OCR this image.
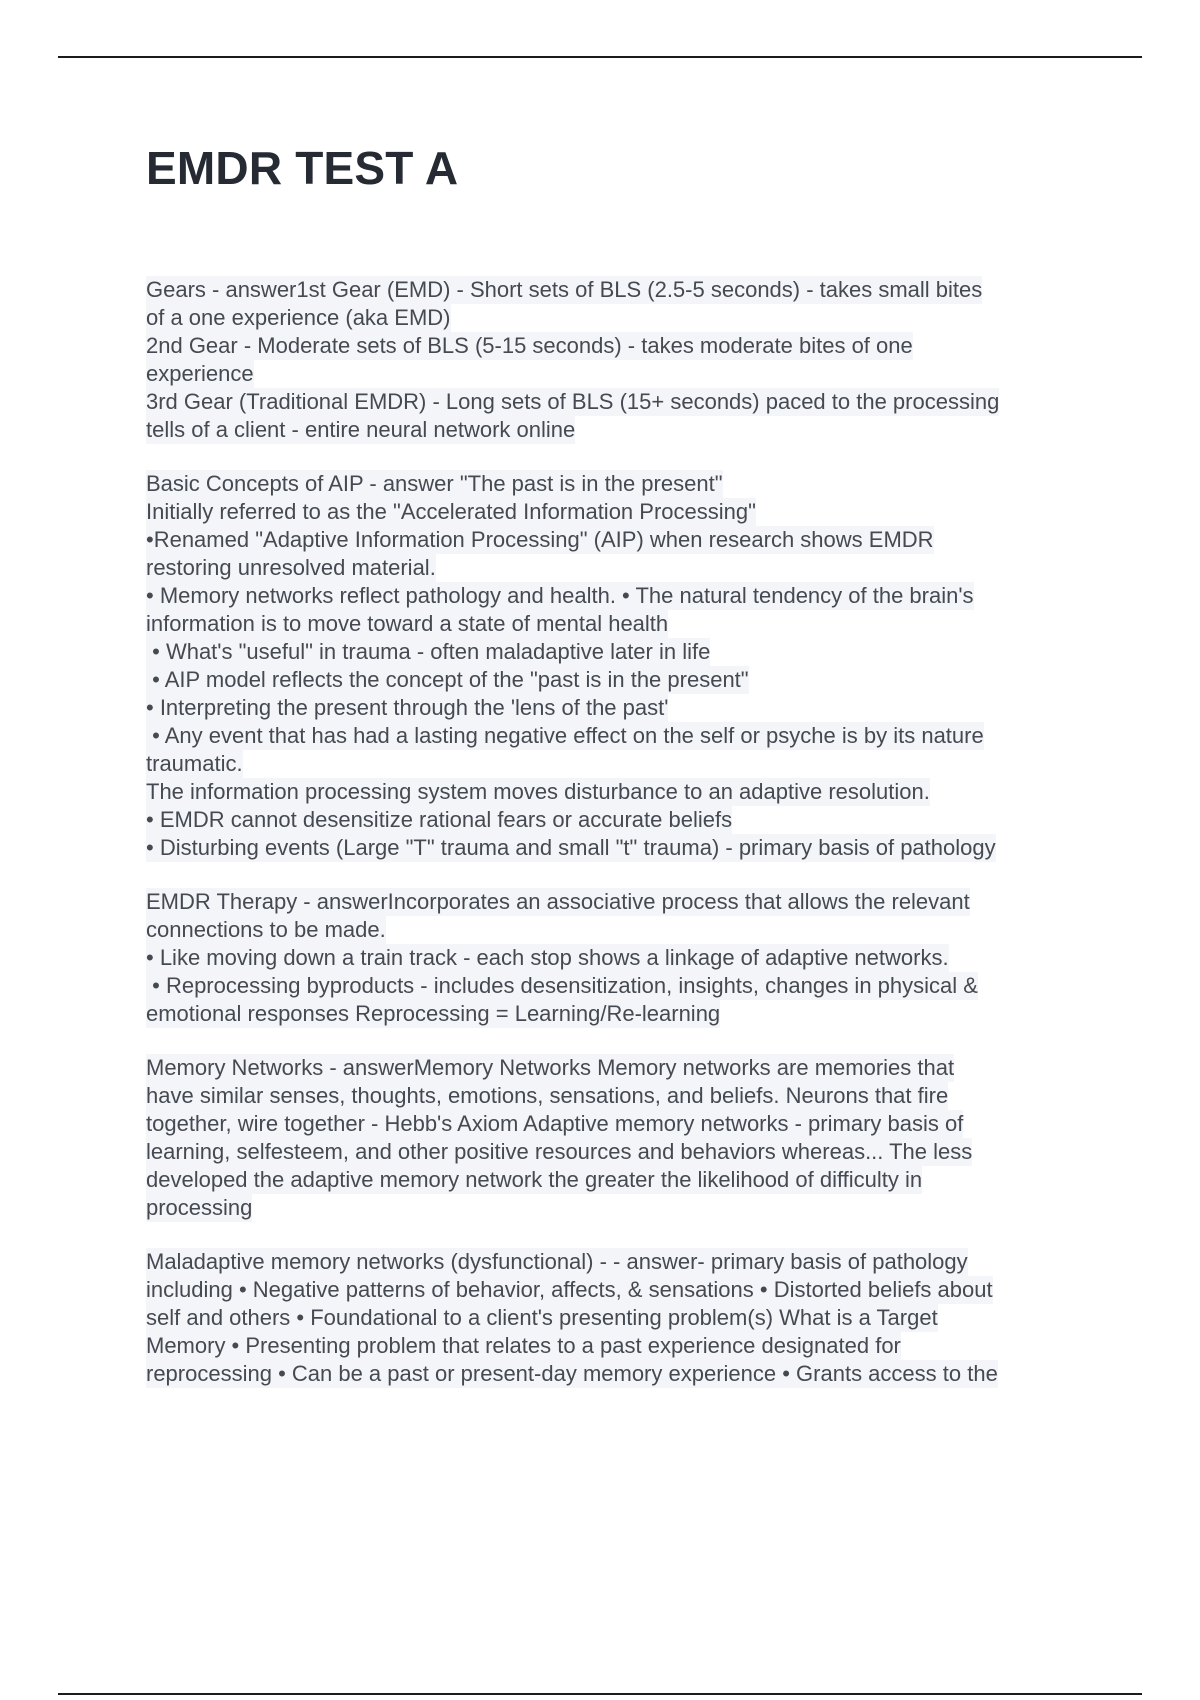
EMDR TEST A
Gears - answer1st Gear (EMD) - Short sets of BLS (2.5-5 seconds) - takes small bites
of a one experience (aka EMD)
2nd Gear - Moderate sets of BLS (5-15 seconds) - takes moderate bites of one
experience
3rd Gear (Traditional EMDR) - Long sets of BLS (15+ seconds) paced to the processing
tells of a client - entire neural network online
Basic Concepts of AIP - answer "The past is in the present"
Initially referred to as the "Accelerated Information Processing"
•Renamed "Adaptive Information Processing" (AIP) when research shows EMDR
restoring unresolved material.
• Memory networks reflect pathology and health. • The natural tendency of the brain's
information is to move toward a state of mental health
• What's "useful" in trauma - often maladaptive later in life
• AIP model reflects the concept of the "past is in the present"
• Interpreting the present through the 'lens of the past'
• Any event that has had a lasting negative effect on the self or psyche is by its nature
traumatic.
The information processing system moves disturbance to an adaptive resolution.
• EMDR cannot desensitize rational fears or accurate beliefs
• Disturbing events (Large "T" trauma and small "t" trauma) - primary basis of pathology
EMDR Therapy - answerIncorporates an associative process that allows the relevant
connections to be made.
• Like moving down a train track - each stop shows a linkage of adaptive networks.
• Reprocessing byproducts - includes desensitization, insights, changes in physical &
emotional responses Reprocessing = Learning/Re-learning
Memory Networks - answerMemory Networks Memory networks are memories that
have similar senses, thoughts, emotions, sensations, and beliefs. Neurons that fire
together, wire together - Hebb's Axiom Adaptive memory networks - primary basis of
learning, selfesteem, and other positive resources and behaviors whereas... The less
developed the adaptive memory network the greater the likelihood of difficulty in
processing
Maladaptive memory networks (dysfunctional) - - answer- primary basis of pathology
including • Negative patterns of behavior, affects, & sensations • Distorted beliefs about
self and others • Foundational to a client's presenting problem(s) What is a Target
Memory • Presenting problem that relates to a past experience designated for
reprocessing • Can be a past or present-day memory experience • Grants access to the
